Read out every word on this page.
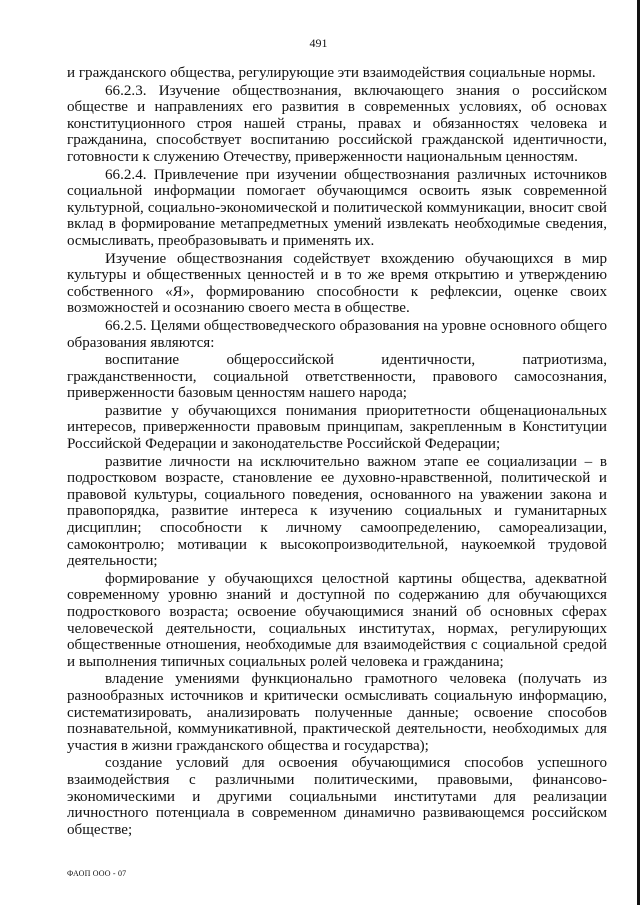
491

и гражданского общества, регулирующие эти взаимодействия социальные нормы.

66.2.3. Изучение обществознания, включающего знания о российском обществе и направлениях его развития в современных условиях, об основах конституционного строя нашей страны, правах и обязанностях человека и гражданина, способствует воспитанию российской гражданской идентичности, готовности к служению Отечеству, приверженности национальным ценностям.

66.2.4. Привлечение при изучении обществознания различных источников социальной информации помогает обучающимся освоить язык современной культурной, социально-экономической и политической коммуникации, вносит свой вклад в формирование метапредметных умений извлекать необходимые сведения, осмысливать, преобразовывать и применять их.

Изучение обществознания содействует вхождению обучающихся в мир культуры и общественных ценностей и в то же время открытию и утверждению собственного «Я», формированию способности к рефлексии, оценке своих возможностей и осознанию своего места в обществе.

66.2.5. Целями обществоведческого образования на уровне основного общего образования являются:

воспитание общероссийской идентичности, патриотизма, гражданственности, социальной ответственности, правового самосознания, приверженности базовым ценностям нашего народа;

развитие у обучающихся понимания приоритетности общенациональных интересов, приверженности правовым принципам, закрепленным в Конституции Российской Федерации и законодательстве Российской Федерации;

развитие личности на исключительно важном этапе ее социализации – в подростковом возрасте, становление ее духовно-нравственной, политической и правовой культуры, социального поведения, основанного на уважении закона и правопорядка, развитие интереса к изучению социальных и гуманитарных дисциплин; способности к личному самоопределению, самореализации, самоконтролю; мотивации к высокопроизводительной, наукоемкой трудовой деятельности;

формирование у обучающихся целостной картины общества, адекватной современному уровню знаний и доступной по содержанию для обучающихся подросткового возраста; освоение обучающимися знаний об основных сферах человеческой деятельности, социальных институтах, нормах, регулирующих общественные отношения, необходимые для взаимодействия с социальной средой и выполнения типичных социальных ролей человека и гражданина;

владение умениями функционально грамотного человека (получать из разнообразных источников и критически осмысливать социальную информацию, систематизировать, анализировать полученные данные; освоение способов познавательной, коммуникативной, практической деятельности, необходимых для участия в жизни гражданского общества и государства);

создание условий для освоения обучающимися способов успешного взаимодействия с различными политическими, правовыми, финансово-экономическими и другими социальными институтами для реализации личностного потенциала в современном динамично развивающемся российском обществе;

ФАОП ООО - 07
